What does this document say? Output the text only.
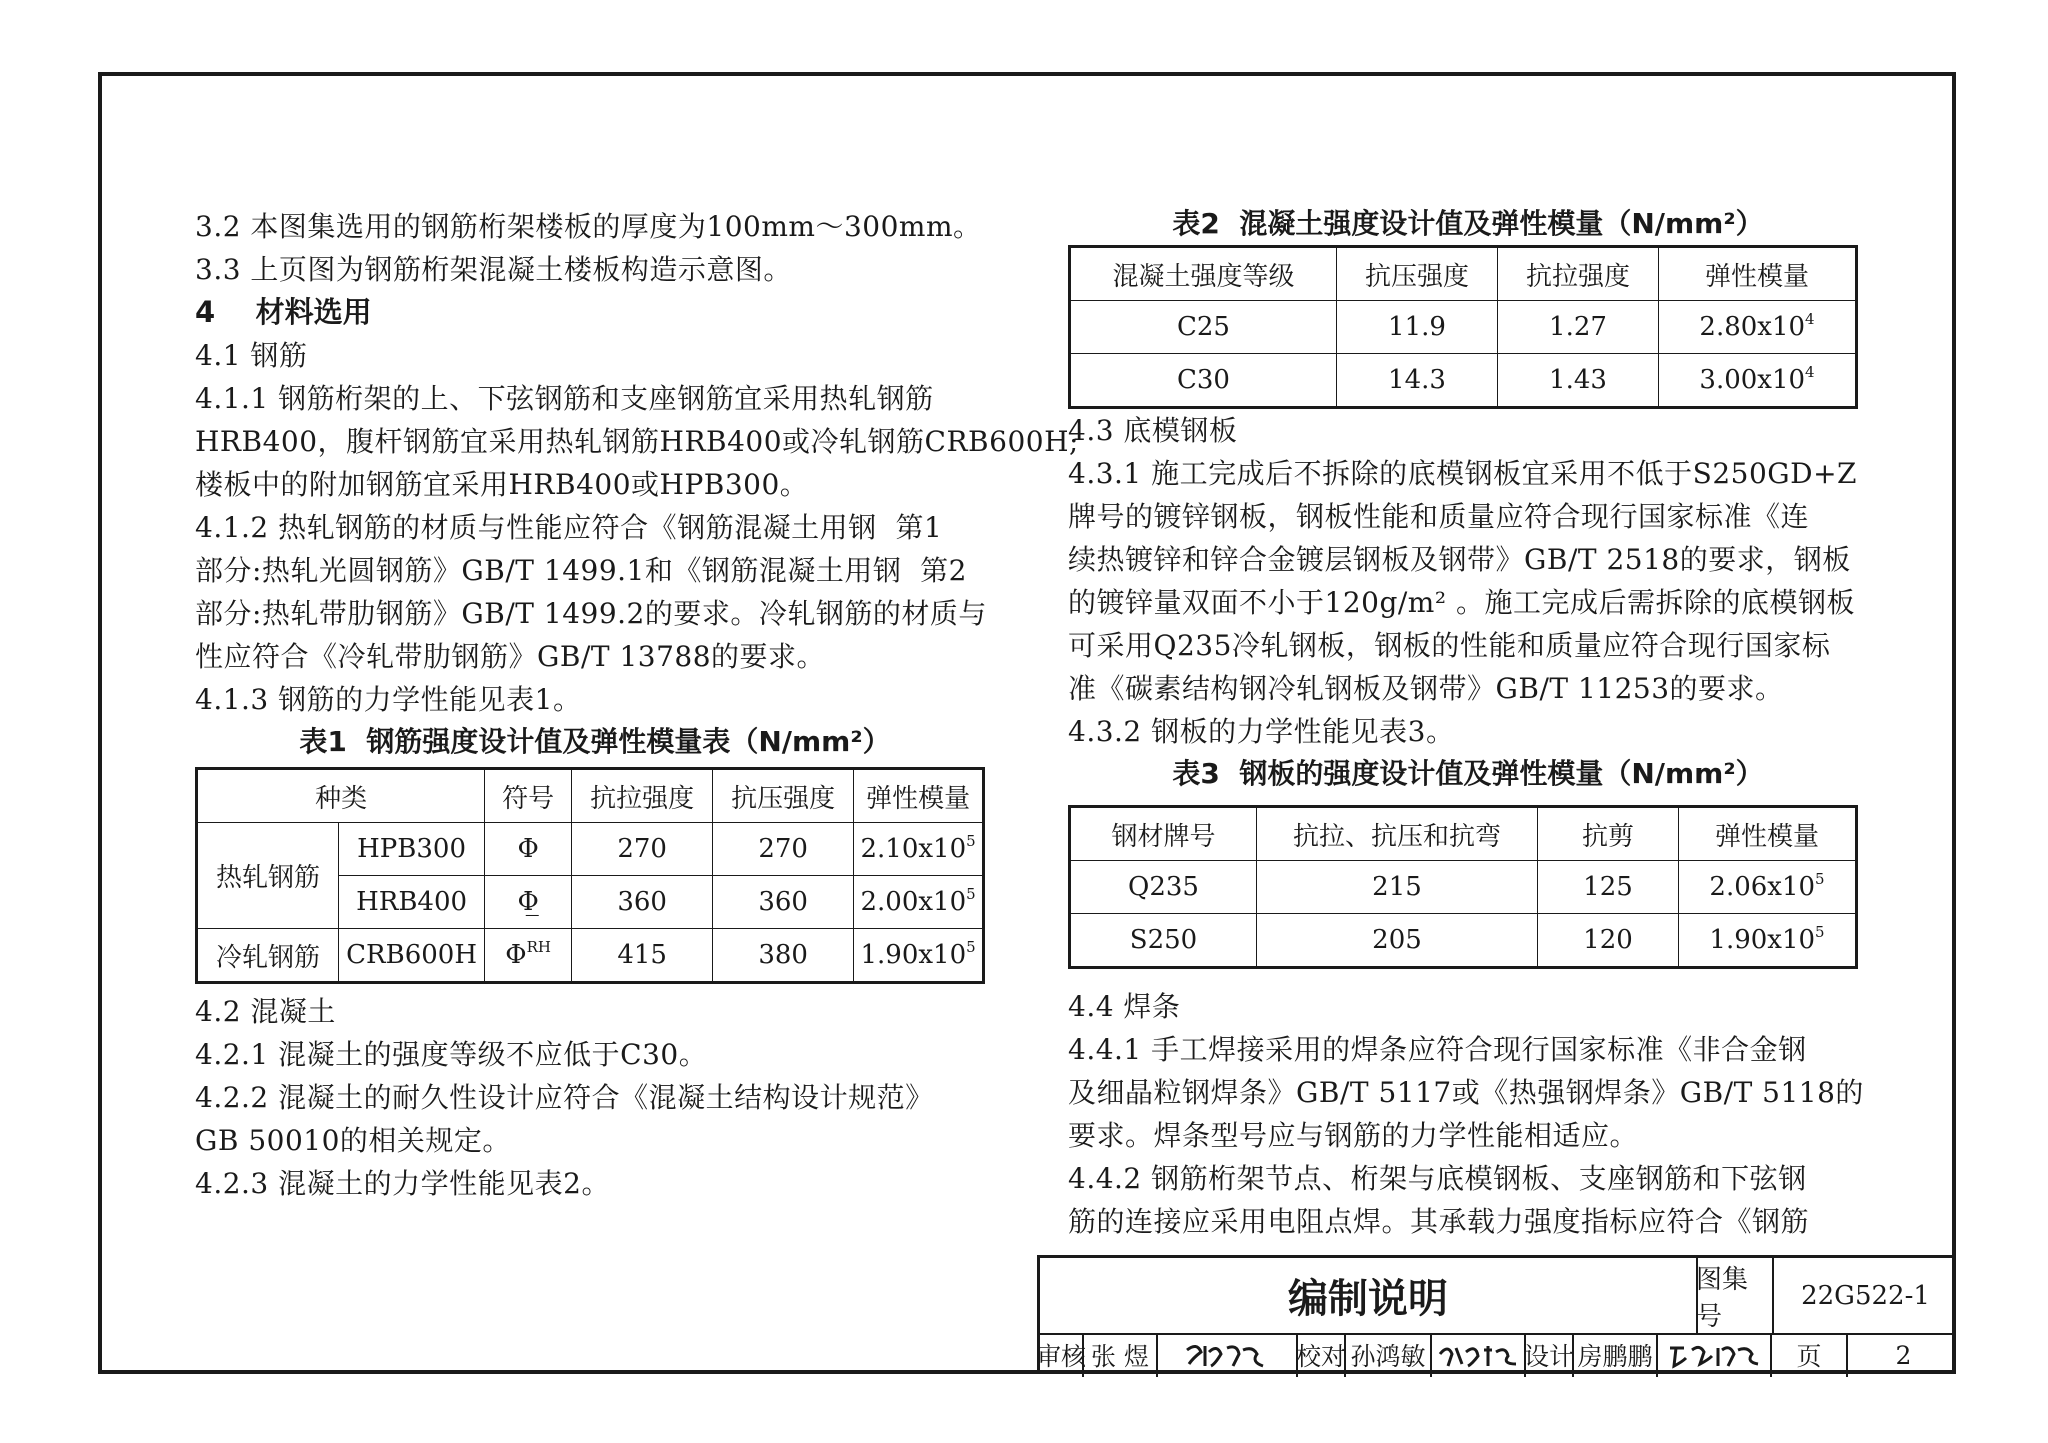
3.2 本图集选用的钢筋桁架楼板的厚度为100mm～300mm。

3.3 上页图为钢筋桁架混凝土楼板构造示意图。

4    材料选用

4.1 钢筋

4.1.1 钢筋桁架的上、下弦钢筋和支座钢筋宜采用热轧钢筋

HRB400，腹杆钢筋宜采用热轧钢筋HRB400或冷轧钢筋CRB600H;

楼板中的附加钢筋宜采用HRB400或HPB300。

4.1.2 热轧钢筋的材质与性能应符合《钢筋混凝土用钢  第1

部分:热轧光圆钢筋》GB/T 1499.1和《钢筋混凝土用钢  第2

部分:热轧带肋钢筋》GB/T 1499.2的要求。冷轧钢筋的材质与

性应符合《冷轧带肋钢筋》GB/T 13788的要求。

4.1.3 钢筋的力学性能见表1。

表1  钢筋强度设计值及弹性模量表（N/mm²）

种类		符号	抗拉强度	抗压强度	弹性模量
热轧钢筋	HPB300	Φ	270	270	$2.10x10^5$
	HRB400	Φ̲	360	360	$2.00x10^5$
冷轧钢筋	CRB600H	$\Phi^{RH}$	415	380	$1.90x10^5$

4.2 混凝土

4.2.1 混凝土的强度等级不应低于C30。

4.2.2 混凝土的耐久性设计应符合《混凝土结构设计规范》

GB 50010的相关规定。

4.2.3 混凝土的力学性能见表2。

表2  混凝土强度设计值及弹性模量（N/mm²）

混凝土强度等级	抗压强度	抗拉强度	弹性模量
C25	11.9	1.27	$2.80x10^4$
C30	14.3	1.43	$3.00x10^4$

4.3 底模钢板

4.3.1 施工完成后不拆除的底模钢板宜采用不低于S250GD+Z

牌号的镀锌钢板，钢板性能和质量应符合现行国家标准《连

续热镀锌和锌合金镀层钢板及钢带》GB/T 2518的要求，钢板

的镀锌量双面不小于120g/m² 。施工完成后需拆除的底模钢板

可采用Q235冷轧钢板，钢板的性能和质量应符合现行国家标

准《碳素结构钢冷轧钢板及钢带》GB/T 11253的要求。

4.3.2 钢板的力学性能见表3。

表3  钢板的强度设计值及弹性模量（N/mm²）

钢材牌号	抗拉、抗压和抗弯	抗剪	弹性模量
Q235	215	125	$2.06x10^5$
S250	205	120	$1.90x10^5$

4.4 焊条

4.4.1 手工焊接采用的焊条应符合现行国家标准《非合金钢

及细晶粒钢焊条》GB/T 5117或《热强钢焊条》GB/T 5118的

要求。焊条型号应与钢筋的力学性能相适应。

4.4.2 钢筋桁架节点、桁架与底模钢板、支座钢筋和下弦钢

筋的连接应采用电阻点焊。其承载力强度指标应符合《钢筋

编制说明	图集号
22G522-1
审核 张 煜	校对 孙鸿敏	设计 房鹏鹏	页	2
